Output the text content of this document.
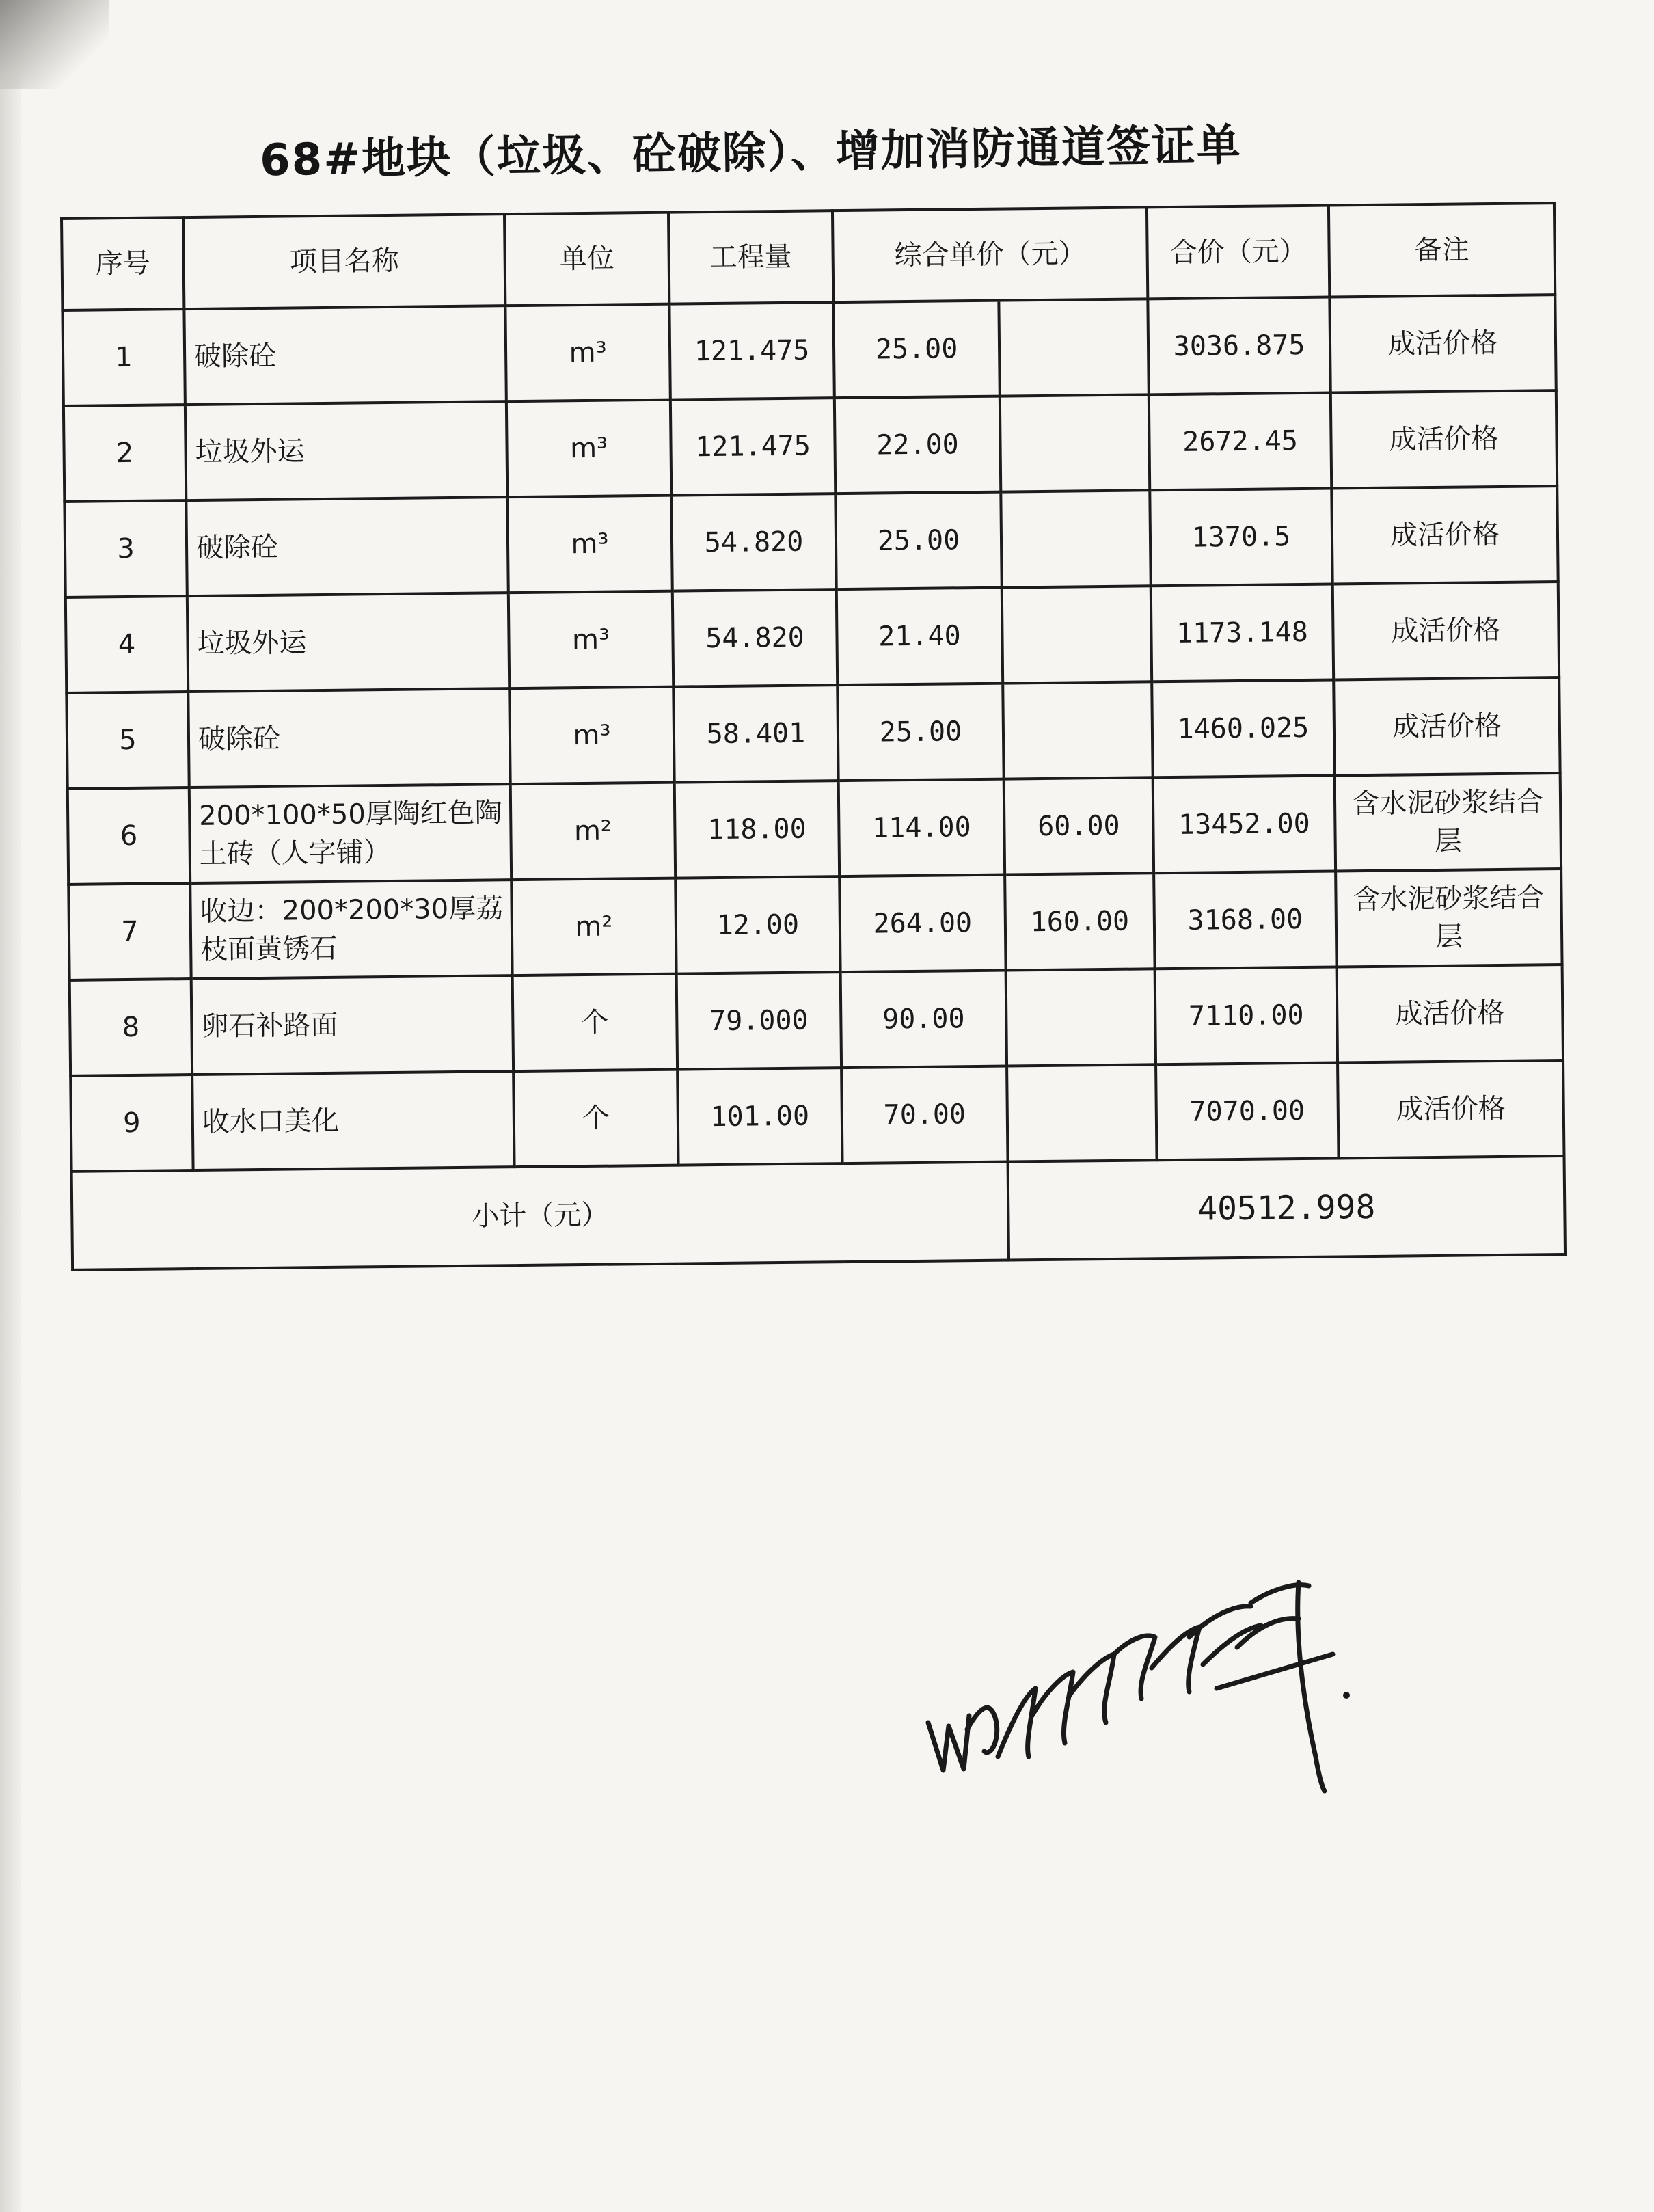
68#地块（垃圾、砼破除）、增加消防通道签证单
序号	项目名称	单位	工程量	综合单价（元）		合价（元）	备注
1	破除砼	m³	121.475	25.00		3036.875	成活价格
2	垃圾外运	m³	121.475	22.00		2672.45	成活价格
3	破除砼	m³	54.820	25.00		1370.5	成活价格
4	垃圾外运	m³	54.820	21.40		1173.148	成活价格
5	破除砼	m³	58.401	25.00		1460.025	成活价格
6	200*100*50厚陶红色陶土砖（人字铺）	m²	118.00	114.00	60.00	13452.00	含水泥砂浆结合层
7	收边：200*200*30厚荔枝面黄锈石	m²	12.00	264.00	160.00	3168.00	含水泥砂浆结合层
8	卵石补路面	个	79.000	90.00		7110.00	成活价格
9	收水口美化	个	101.00	70.00		7070.00	成活价格
小计（元）					40512.998		
